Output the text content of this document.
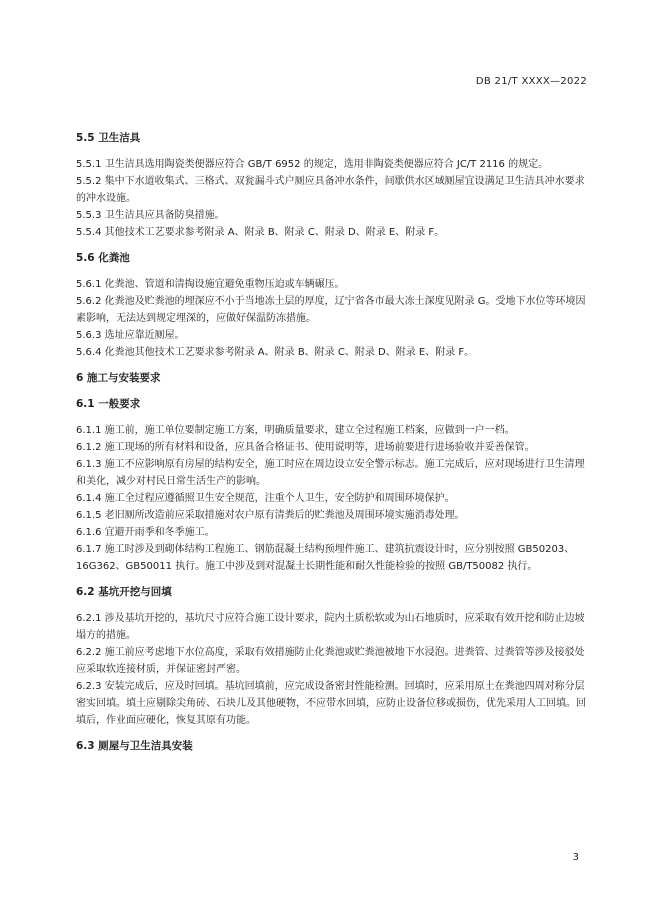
DB 21/T XXXX—2022
5.5 卫生洁具
5.5.1 卫生洁具选用陶瓷类便器应符合 GB/T 6952 的规定，选用非陶瓷类便器应符合 JC/T 2116 的规定。
5.5.2 集中下水道收集式、三格式、双瓮漏斗式户厕应具备冲水条件，间歇供水区域厕屋宜设满足卫生洁具冲水要求的冲水设施。
5.5.3 卫生洁具应具备防臭措施。
5.5.4 其他技术工艺要求参考附录 A、附录 B、附录 C、附录 D、附录 E、附录 F。
5.6 化粪池
5.6.1 化粪池、管道和清掏设施宜避免重物压迫或车辆碾压。
5.6.2 化粪池及贮粪池的埋深应不小于当地冻土层的厚度，辽宁省各市最大冻土深度见附录 G。受地下水位等环境因素影响，无法达到规定埋深的，应做好保温防冻措施。
5.6.3 选址应靠近厕屋。
5.6.4 化粪池其他技术工艺要求参考附录 A、附录 B、附录 C、附录 D、附录 E、附录 F。
6 施工与安装要求
6.1 一般要求
6.1.1 施工前，施工单位要制定施工方案，明确质量要求，建立全过程施工档案，应做到一户一档。
6.1.2 施工现场的所有材料和设备，应具备合格证书、使用说明等，进场前要进行进场验收并妥善保管。
6.1.3 施工不应影响原有房屋的结构安全，施工时应在周边设立安全警示标志。施工完成后，应对现场进行卫生清理和美化，减少对村民日常生活生产的影响。
6.1.4 施工全过程应遵循照卫生安全规范，注重个人卫生，安全防护和周围环境保护。
6.1.5 老旧厕所改造前应采取措施对农户原有清粪后的贮粪池及周围环境实施消毒处理。
6.1.6 宜避开雨季和冬季施工。
6.1.7 施工时涉及到砌体结构工程施工、钢筋混凝土结构预埋件施工、建筑抗震设计时，应分别按照 GB50203、16G362、GB50011 执行。施工中涉及到对混凝土长期性能和耐久性能检验的按照 GB/T50082 执行。
6.2 基坑开挖与回填
6.2.1 涉及基坑开挖的，基坑尺寸应符合施工设计要求，院内土质松软或为山石地质时，应采取有效开挖和防止边坡塌方的措施。
6.2.2 施工前应考虑地下水位高度，采取有效措施防止化粪池或贮粪池被地下水浸泡。进粪管、过粪管等涉及接驳处应采取软连接材质，并保证密封严密。
6.2.3 安装完成后，应及时回填。基坑回填前，应完成设备密封性能检测。回填时，应采用原土在粪池四周对称分层密实回填。填土应剔除尖角砖、石块儿及其他硬物，不应带水回填，应防止设备位移或损伤，优先采用人工回填。回填后，作业面应硬化，恢复其原有功能。
6.3 厕屋与卫生洁具安装
3
